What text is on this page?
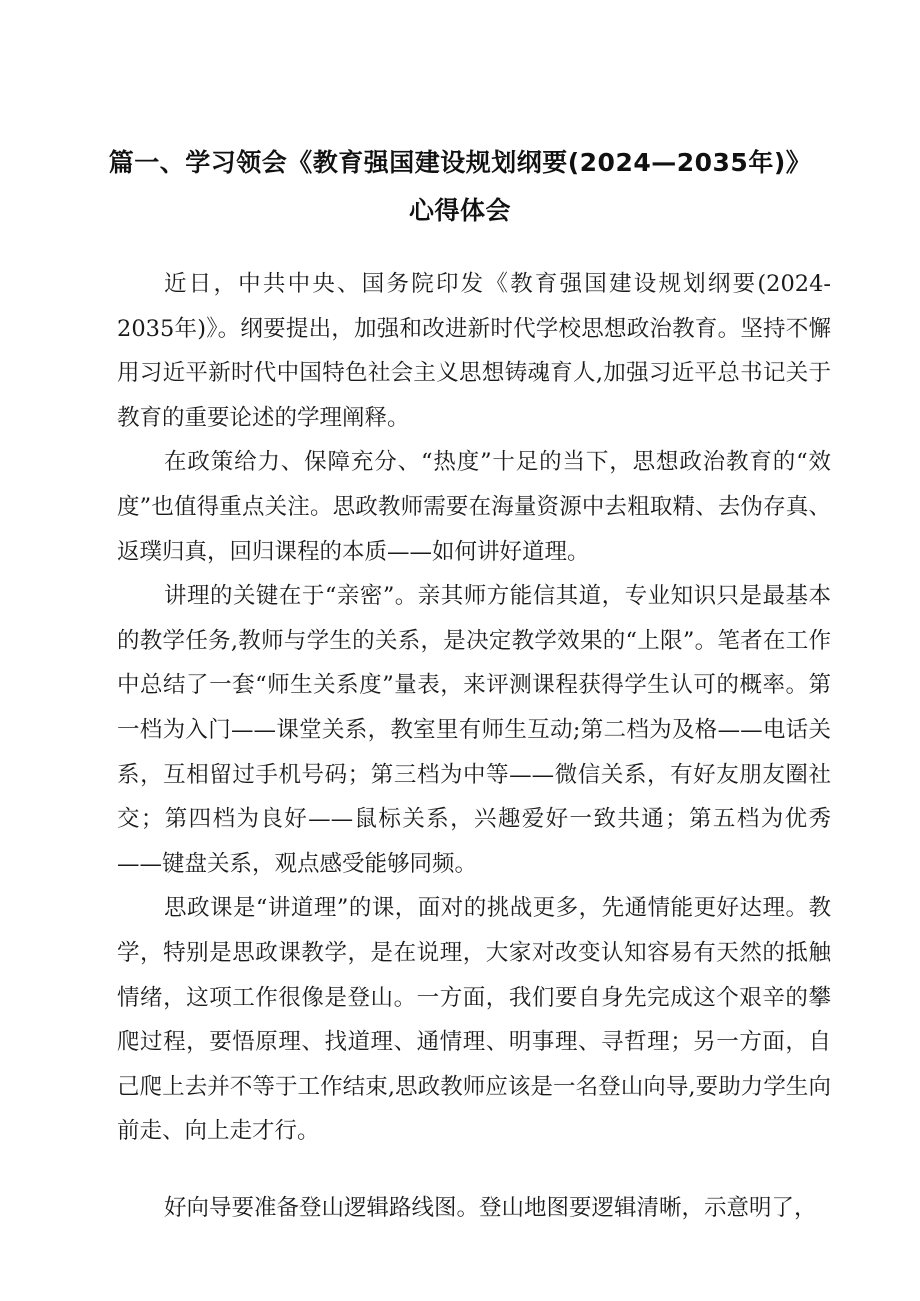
篇一、学习领会《教育强国建设规划纲要(2024—2035年)》
心得体会

近日，中共中央、国务院印发《教育强国建设规划纲要(2024-2035年)》。纲要提出，加强和改进新时代学校思想政治教育。坚持不懈用习近平新时代中国特色社会主义思想铸魂育人,加强习近平总书记关于教育的重要论述的学理阐释。

在政策给力、保障充分、“热度”十足的当下，思想政治教育的“效度”也值得重点关注。思政教师需要在海量资源中去粗取精、去伪存真、返璞归真，回归课程的本质——如何讲好道理。

讲理的关键在于“亲密”。亲其师方能信其道，专业知识只是最基本的教学任务,教师与学生的关系，是决定教学效果的“上限”。笔者在工作中总结了一套“师生关系度”量表，来评测课程获得学生认可的概率。第一档为入门——课堂关系，教室里有师生互动;第二档为及格——电话关系，互相留过手机号码；第三档为中等——微信关系，有好友朋友圈社交；第四档为良好——鼠标关系，兴趣爱好一致共通；第五档为优秀——键盘关系，观点感受能够同频。

思政课是“讲道理”的课，面对的挑战更多，先通情能更好达理。教学，特别是思政课教学，是在说理，大家对改变认知容易有天然的抵触情绪，这项工作很像是登山。一方面，我们要自身先完成这个艰辛的攀爬过程，要悟原理、找道理、通情理、明事理、寻哲理；另一方面，自己爬上去并不等于工作结束,思政教师应该是一名登山向导,要助力学生向前走、向上走才行。

好向导要准备登山逻辑路线图。登山地图要逻辑清晰，示意明了，
